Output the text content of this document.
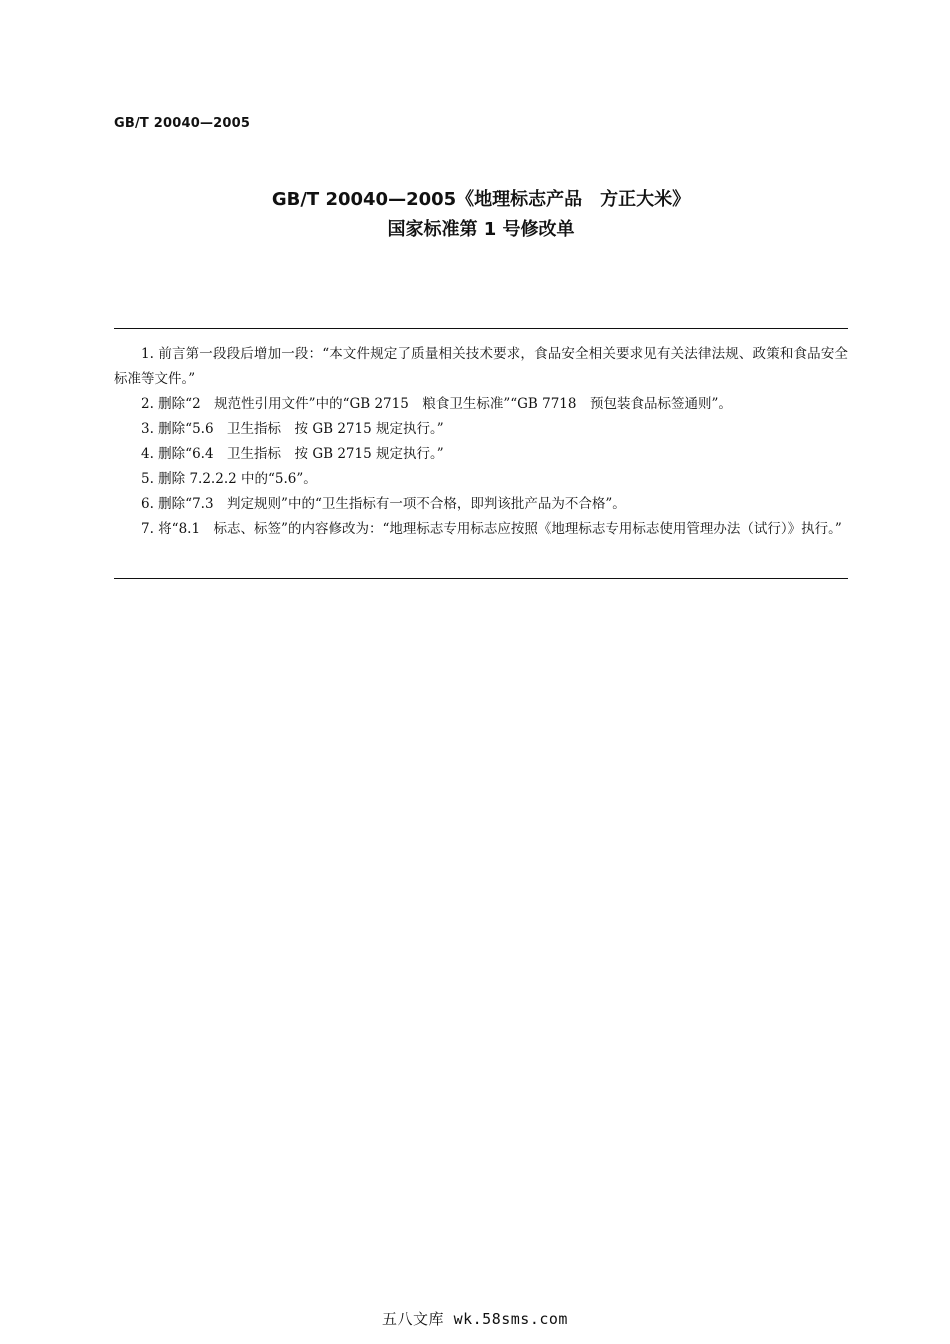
GB/T 20040—2005
GB/T 20040—2005《地理标志产品　方正大米》
国家标准第 1 号修改单

1. 前言第一段段后增加一段：“本文件规定了质量相关技术要求，食品安全相关要求见有关法律法规、政策和食品安全标准等文件。”

2. 删除“2　规范性引用文件”中的“GB 2715　粮食卫生标准”“GB 7718　预包装食品标签通则”。

3. 删除“5.6　卫生指标　按 GB 2715 规定执行。”

4. 删除“6.4　卫生指标　按 GB 2715 规定执行。”

5. 删除 7.2.2.2 中的“5.6”。

6. 删除“7.3　判定规则”中的“卫生指标有一项不合格，即判该批产品为不合格”。

7. 将“8.1　标志、标签”的内容修改为：“地理标志专用标志应按照《地理标志专用标志使用管理办法（试行）》执行。”

五八文库 wk.58sms.com
